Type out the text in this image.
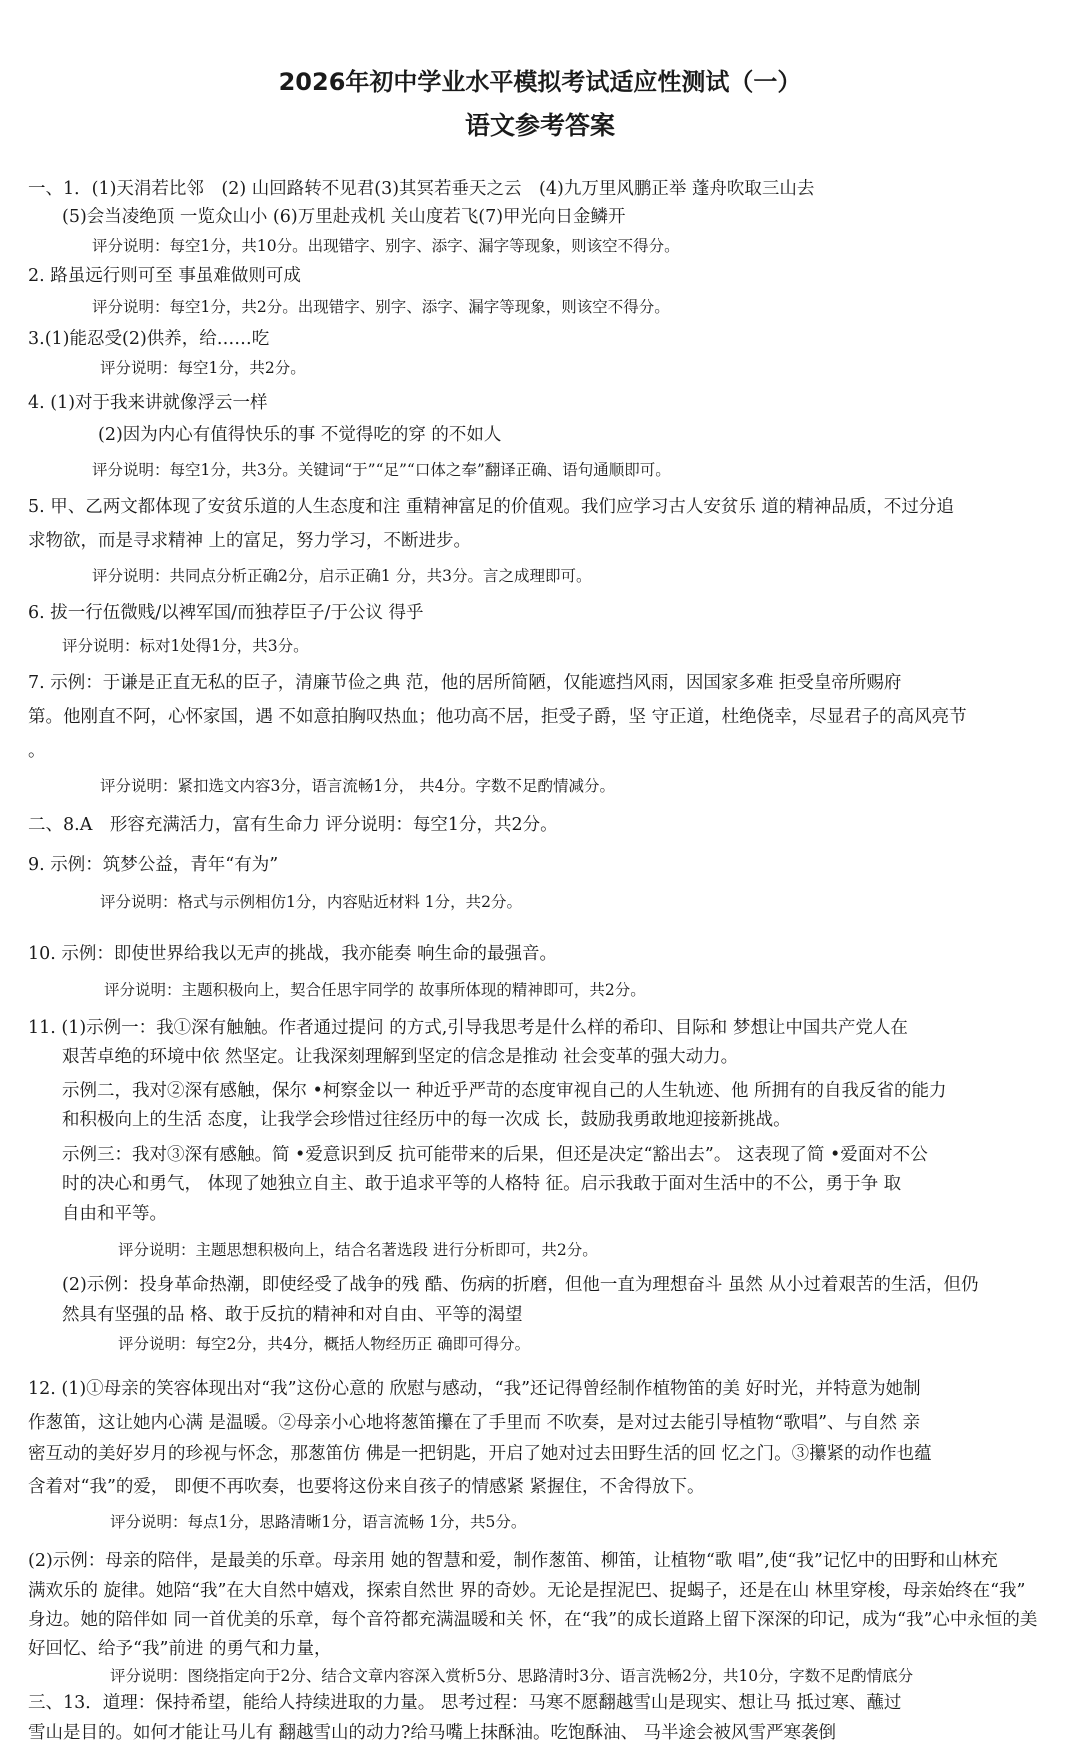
2026年初中学业水平模拟考试适应性测试（一）
语文参考答案
一、1．(1)天涓若比邻　(2) 山回路转不见君(3)其冥若垂天之云　(4)九万里风鹏正举 蓬舟吹取三山去
(5)会当凌绝顶 一览众山小 (6)万里赴戎机 关山度若飞(7)甲光向日金鳞开
评分说明：每空1分，共10分。出现错字、别字、添字、漏字等现象，则该空不得分。
2. 路虽远行则可至 事虽难做则可成
评分说明：每空1分，共2分。出现错字、别字、添字、漏字等现象，则该空不得分。
3.(1)能忍受(2)供养，给……吃
评分说明：每空1分，共2分。
4. (1)对于我来讲就像浮云一样
(2)因为内心有值得快乐的事 不觉得吃的穿 的不如人
评分说明：每空1分，共3分。关键词“于”“足”“口体之奉”翻译正确、语句通顺即可。
5. 甲、乙两文都体现了安贫乐道的人生态度和注 重精神富足的价值观。我们应学习古人安贫乐 道的精神品质，不过分追
求物欲，而是寻求精神 上的富足，努力学习，不断进步。
评分说明：共同点分析正确2分，启示正确1 分，共3分。言之成理即可。
6. 拔一行伍微贱/以裨军国/而独荐臣子/于公议 得乎
评分说明：标对1处得1分，共3分。
7. 示例：于谦是正直无私的臣子，清廉节俭之典 范，他的居所简陋，仅能遮挡风雨，因国家多难 拒受皇帝所赐府
第。他刚直不阿，心怀家国，遇 不如意拍胸叹热血；他功高不居，拒受子爵，坚 守正道，杜绝侥幸，尽显君子的高风亮节
。
评分说明：紧扣选文内容3分，语言流畅1分， 共4分。字数不足酌情减分。
二、8.A　形容充满活力，富有生命力 评分说明：每空1分，共2分。
9. 示例：筑梦公益，青年“有为”
评分说明：格式与示例相仿1分，内容贴近材料 1分，共2分。
10. 示例：即使世界给我以无声的挑战，我亦能奏 响生命的最强音。
评分说明：主题积极向上，契合任思宇同学的 故事所体现的精神即可，共2分。
11. (1)示例一：我①深有触触。作者通过提问 的方式,引导我思考是什么样的希印、目际和 梦想让中国共产党人在
艰苦卓绝的环境中依 然坚定。让我深刻理解到坚定的信念是推动 社会变革的强大动力。
示例二，我对②深有感触，保尔 •柯察金以一 种近乎严苛的态度审视自己的人生轨迹、他 所拥有的自我反省的能力
和积极向上的生活 态度，让我学会珍惜过往经历中的每一次成 长，鼓励我勇敢地迎接新挑战。
示例三：我对③深有感触。简 •爱意识到反 抗可能带来的后果，但还是决定“豁出去”。 这表现了简 •爱面对不公
时的决心和勇气， 体现了她独立自主、敢于追求平等的人格特 征。启示我敢于面对生活中的不公，勇于争 取
自由和平等。
评分说明：主题思想积极向上，结合名著选段 进行分析即可，共2分。
(2)示例：投身革命热潮，即使经受了战争的残 酷、伤病的折磨，但他一直为理想奋斗 虽然 从小过着艰苦的生活，但仍
然具有坚强的品 格、敢于反抗的精神和对自由、平等的渴望
评分说明：每空2分，共4分，概括人物经历正 确即可得分。
12. (1)①母亲的笑容体现出对“我”这份心意的 欣慰与感动，“我”还记得曾经制作植物笛的美 好时光，并特意为她制
作葱笛，这让她内心满 是温暖。②母亲小心地将葱笛攥在了手里而 不吹奏，是对过去能引导植物“歌唱”、与自然 亲
密互动的美好岁月的珍视与怀念，那葱笛仿 佛是一把钥匙，开启了她对过去田野生活的回 忆之门。③攥紧的动作也蕴
含着对“我”的爱， 即便不再吹奏，也要将这份来自孩子的情感紧 紧握住，不舍得放下。
评分说明：每点1分，思路清晰1分，语言流畅 1分，共5分。
(2)示例：母亲的陪伴，是最美的乐章。母亲用 她的智慧和爱，制作葱笛、柳笛，让植物“歌 唱”,使“我”记忆中的田野和山林充
满欢乐的 旋律。她陪“我”在大自然中嬉戏，探索自然世 界的奇妙。无论是捏泥巴、捉蝎子，还是在山 林里穿梭，母亲始终在“我”
身边。她的陪伴如 同一首优美的乐章，每个音符都充满温暖和关 怀，在“我”的成长道路上留下深深的印记，成为“我”心中永恒的美
好回忆、给予“我”前进 的勇气和力量，
评分说明：图绕指定向于2分、结合文章内容深入赏析5分、思路清时3分、语言洗畅2分，共10分，字数不足酌情底分
三、13．道理：保持希望，能给人持续进取的力量。 思考过程：马寒不愿翻越雪山是现实、想让马 抵过寒、蘸过
雪山是目的。如何才能让马儿有 翻越雪山的动力?给马嘴上抹酥油。吃饱酥油、 马半途会被风雪严寒袭倒
